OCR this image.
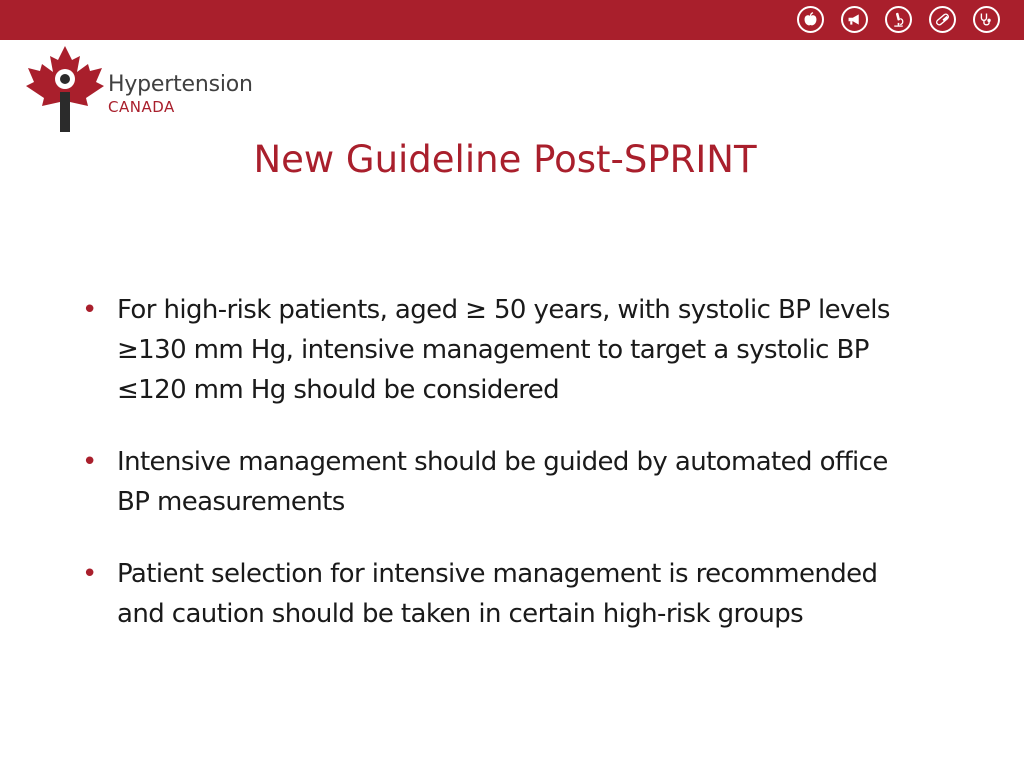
Hypertension
CANADA
New Guideline Post-SPRINT
• For high-risk patients, aged ≥ 50 years, with systolic BP levels ≥130 mm Hg, intensive management to target a systolic BP ≤120 mm Hg should be considered
• Intensive management should be guided by automated office BP measurements
• Patient selection for intensive management is recommended and caution should be taken in certain high-risk groups
